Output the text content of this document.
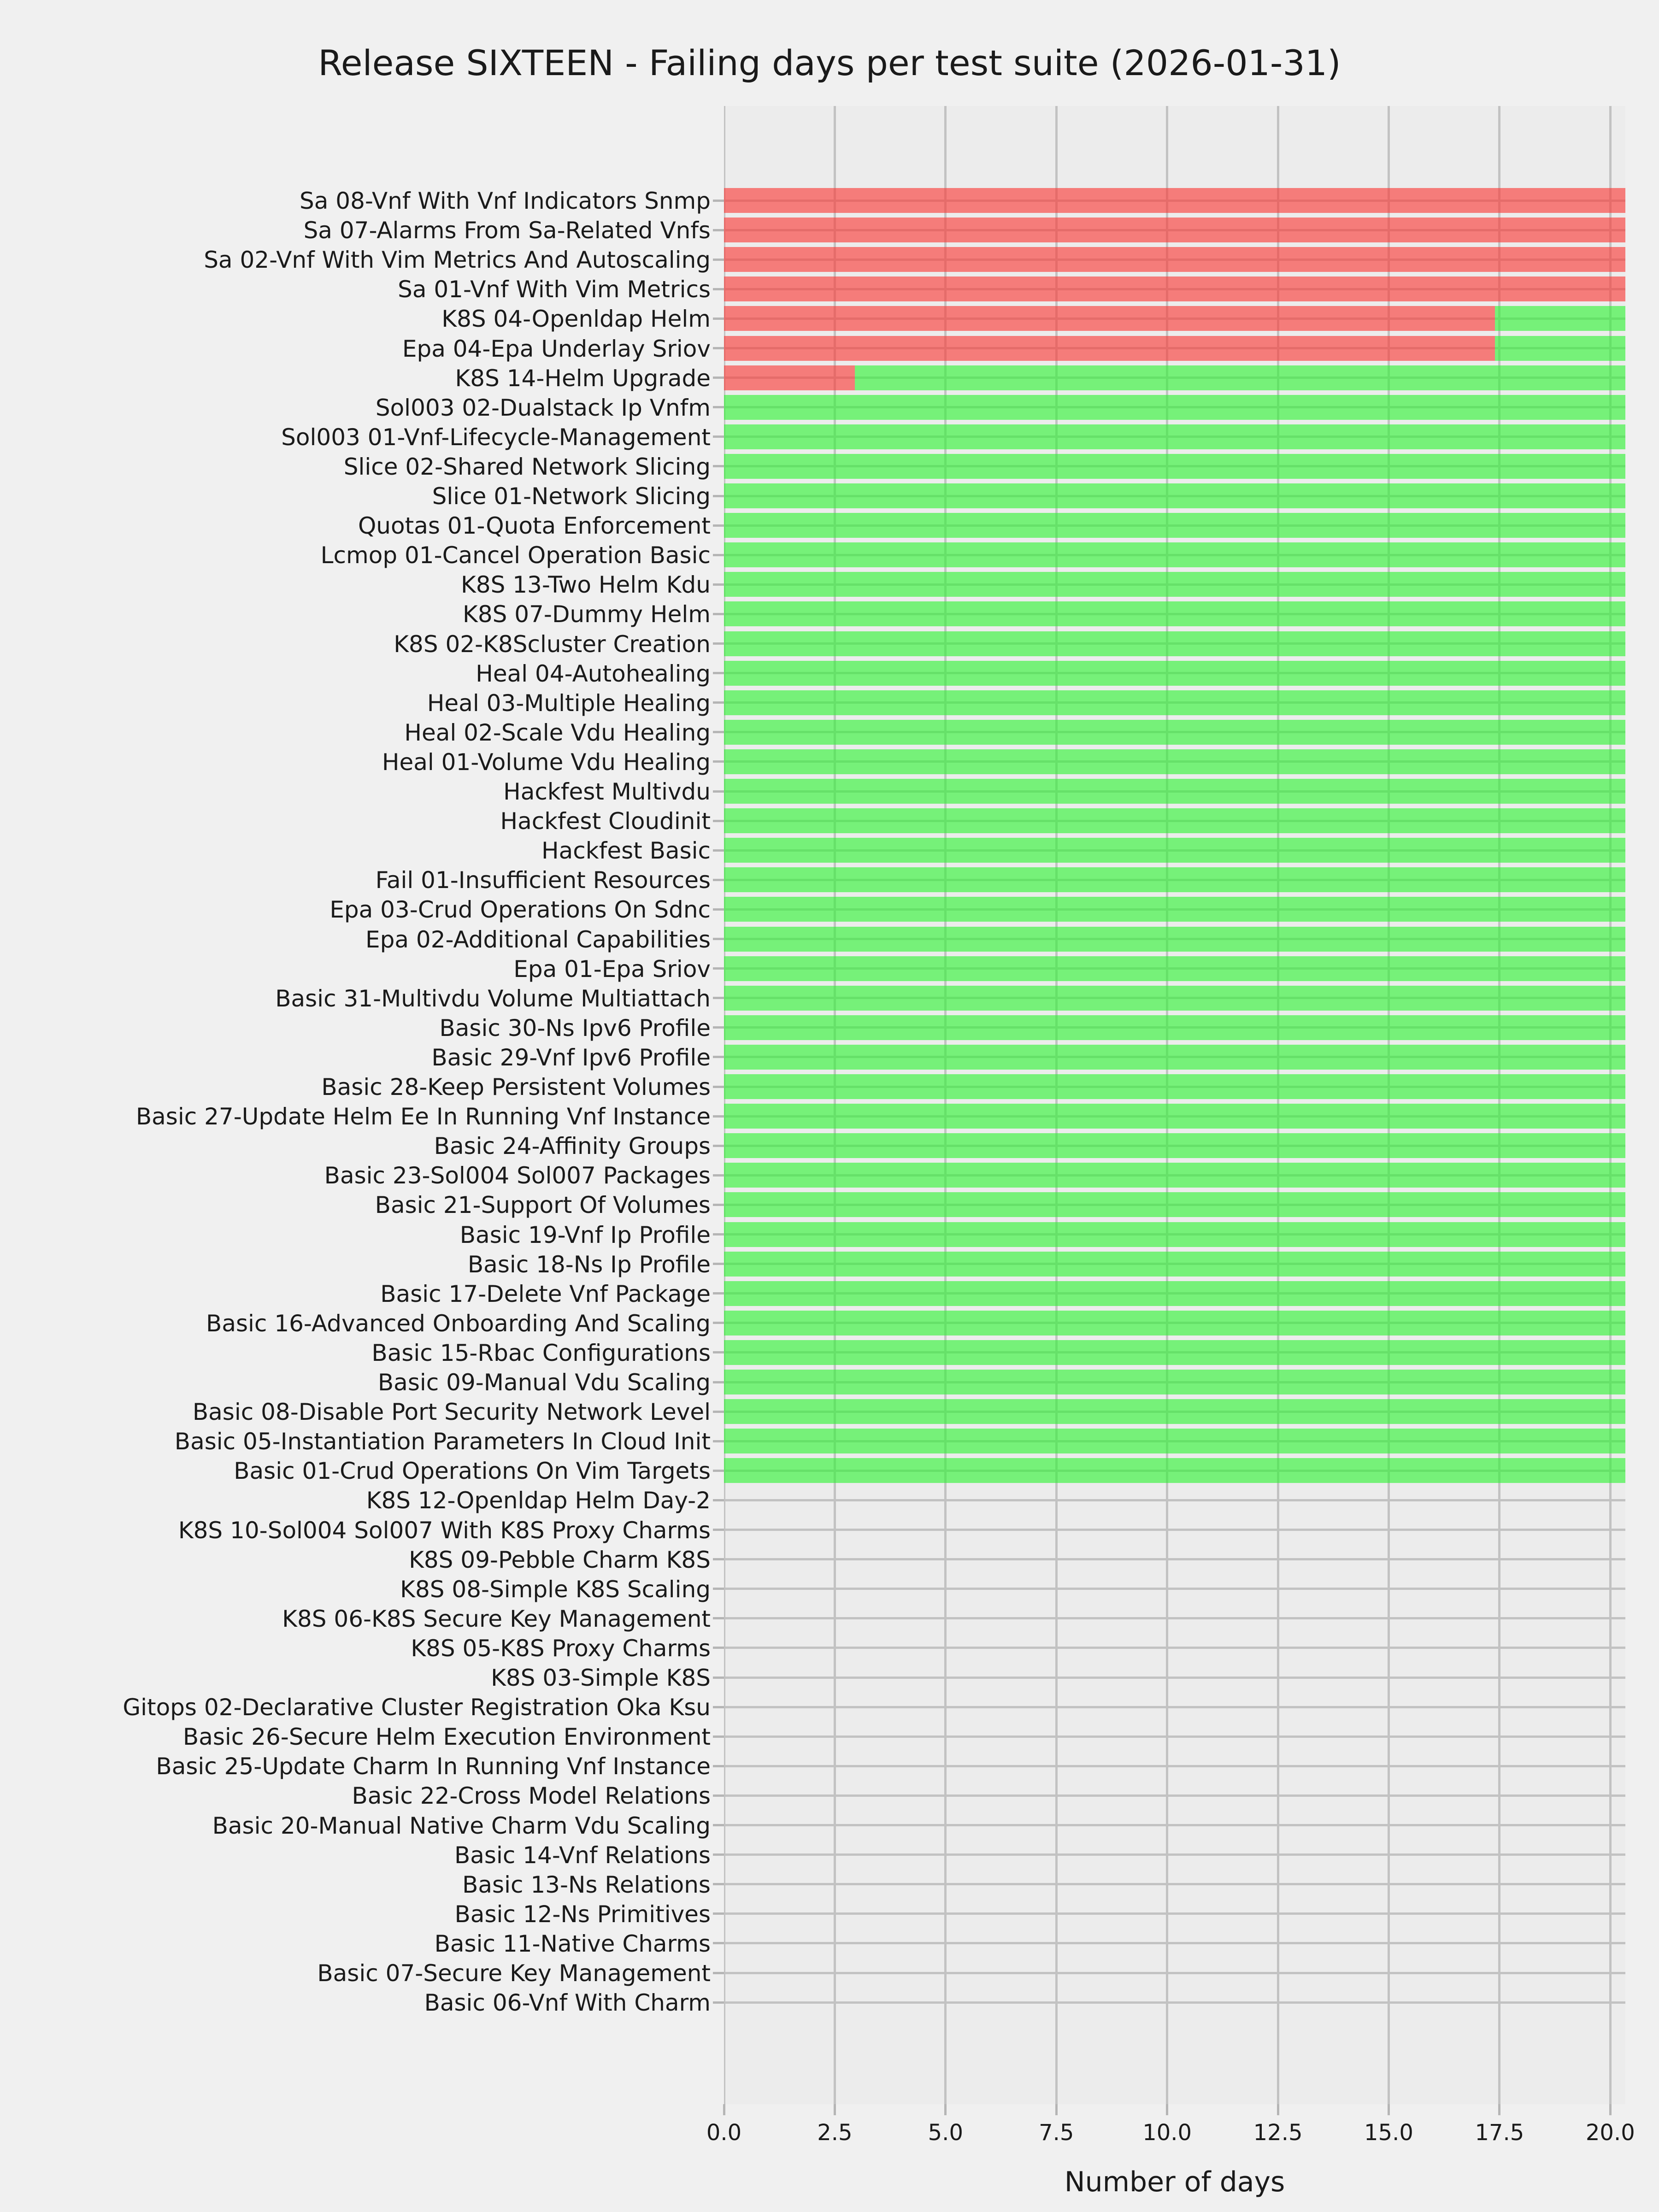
Release SIXTEEN - Failing days per test suite (2026-01-31)
Sa 08-Vnf With Vnf Indicators Snmp
Sa 07-Alarms From Sa-Related Vnfs
Sa 02-Vnf With Vim Metrics And Autoscaling
Sa 01-Vnf With Vim Metrics
K8S 04-Openldap Helm
Epa 04-Epa Underlay Sriov
K8S 14-Helm Upgrade
Sol003 02-Dualstack Ip Vnfm
Sol003 01-Vnf-Lifecycle-Management
Slice 02-Shared Network Slicing
Slice 01-Network Slicing
Quotas 01-Quota Enforcement
Lcmop 01-Cancel Operation Basic
K8S 13-Two Helm Kdu
K8S 07-Dummy Helm
K8S 02-K8Scluster Creation
Heal 04-Autohealing
Heal 03-Multiple Healing
Heal 02-Scale Vdu Healing
Heal 01-Volume Vdu Healing
Hackfest Multivdu
Hackfest Cloudinit
Hackfest Basic
Fail 01-Insufficient Resources
Epa 03-Crud Operations On Sdnc
Epa 02-Additional Capabilities
Epa 01-Epa Sriov
Basic 31-Multivdu Volume Multiattach
Basic 30-Ns Ipv6 Profile
Basic 29-Vnf Ipv6 Profile
Basic 28-Keep Persistent Volumes
Basic 27-Update Helm Ee In Running Vnf Instance
Basic 24-Affinity Groups
Basic 23-Sol004 Sol007 Packages
Basic 21-Support Of Volumes
Basic 19-Vnf Ip Profile
Basic 18-Ns Ip Profile
Basic 17-Delete Vnf Package
Basic 16-Advanced Onboarding And Scaling
Basic 15-Rbac Configurations
Basic 09-Manual Vdu Scaling
Basic 08-Disable Port Security Network Level
Basic 05-Instantiation Parameters In Cloud Init
Basic 01-Crud Operations On Vim Targets
K8S 12-Openldap Helm Day-2
K8S 10-Sol004 Sol007 With K8S Proxy Charms
K8S 09-Pebble Charm K8S
K8S 08-Simple K8S Scaling
K8S 06-K8S Secure Key Management
K8S 05-K8S Proxy Charms
K8S 03-Simple K8S
Gitops 02-Declarative Cluster Registration Oka Ksu
Basic 26-Secure Helm Execution Environment
Basic 25-Update Charm In Running Vnf Instance
Basic 22-Cross Model Relations
Basic 20-Manual Native Charm Vdu Scaling
Basic 14-Vnf Relations
Basic 13-Ns Relations
Basic 12-Ns Primitives
Basic 11-Native Charms
Basic 07-Secure Key Management
Basic 06-Vnf With Charm
0.0	2.5	5.0	7.5	10.0	12.5	15.0	17.5	20.0
Number of days
